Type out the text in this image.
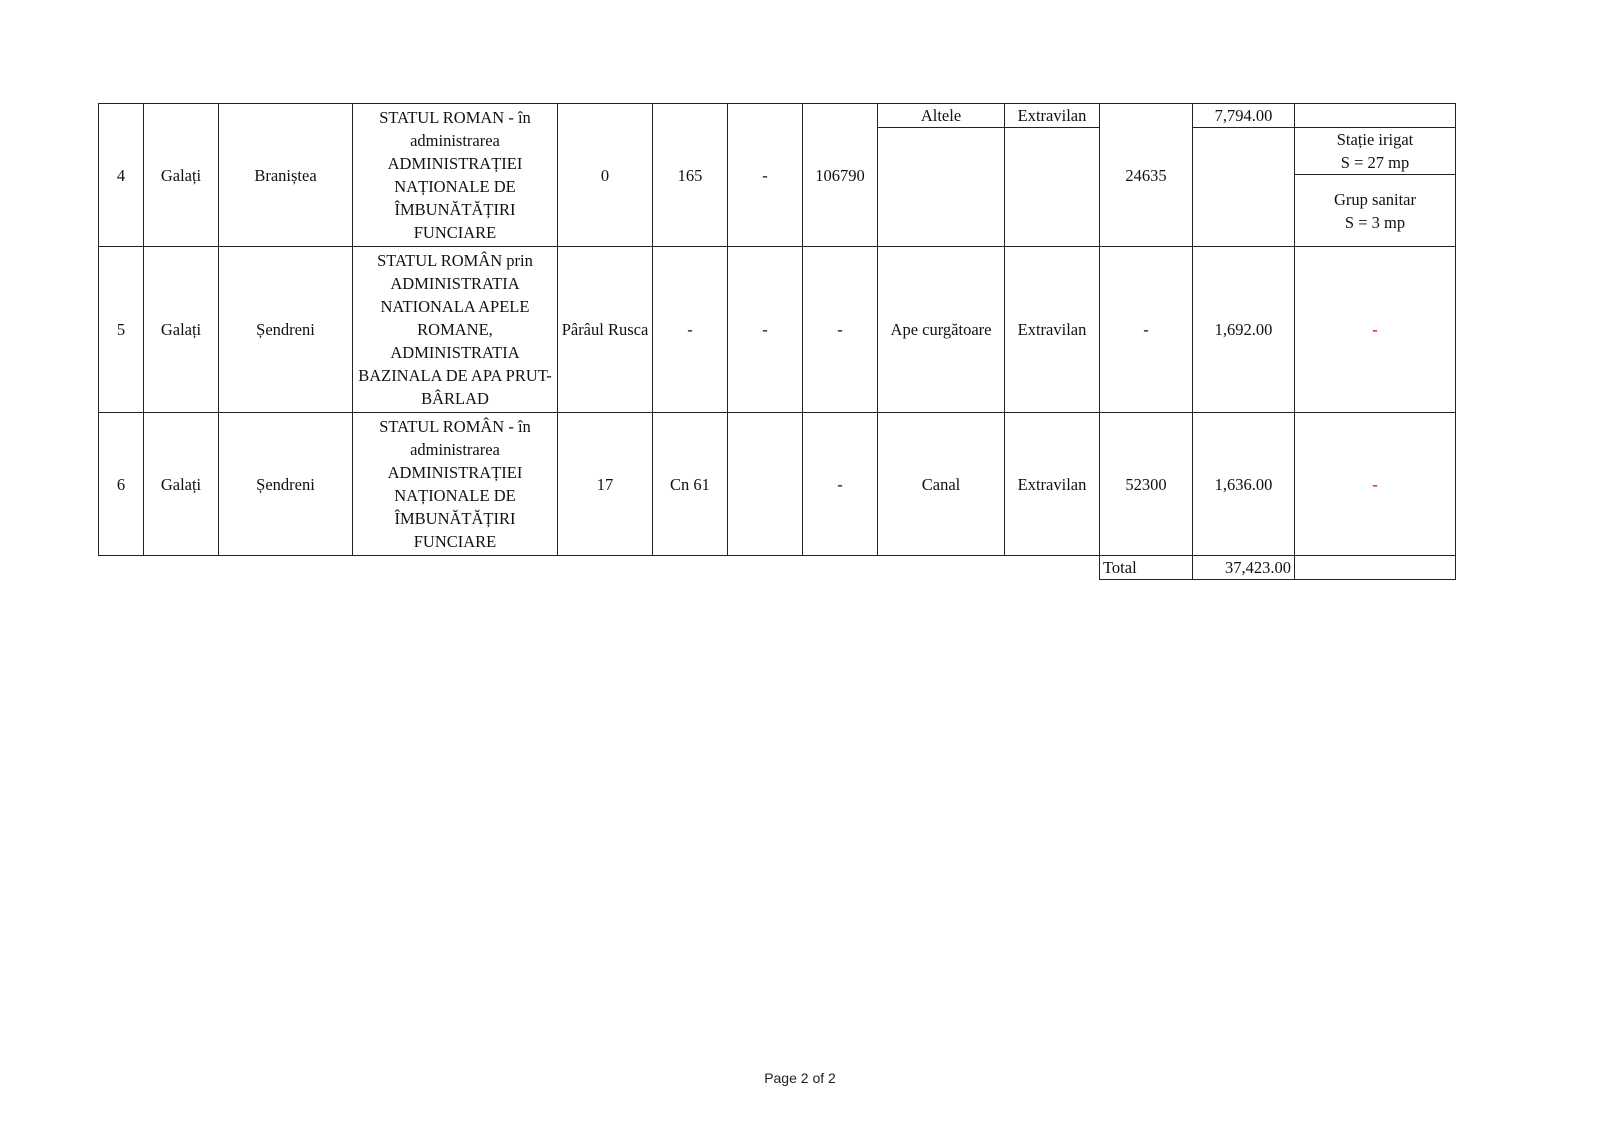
4	Galați	Braniștea	STATUL ROMAN - în administrarea ADMINISTRAȚIEI NAȚIONALE DE ÎMBUNĂTĂȚIRI FUNCIARE	0	165	-	106790	Altele	Extravilan	24635	7,794.00	

												Stație irigat
S = 27 mp

												Grup sanitar
S = 3 mp

5	Galați	Șendreni	STATUL ROMÂN prin ADMINISTRATIA NATIONALA APELE ROMANE, ADMINISTRATIA BAZINALA DE APA PRUT-BÂRLAD	Pârâul Rusca	-	-	-	Ape curgătoare	Extravilan	-	1,692.00	-
6	Galați	Șendreni	STATUL ROMÂN - în administrarea ADMINISTRAȚIEI NAȚIONALE DE ÎMBUNĂTĂȚIRI FUNCIARE	17	Cn 61		-	Canal	Extravilan	52300	1,636.00	-
										Total	37,423.00	
Page 2 of 2
